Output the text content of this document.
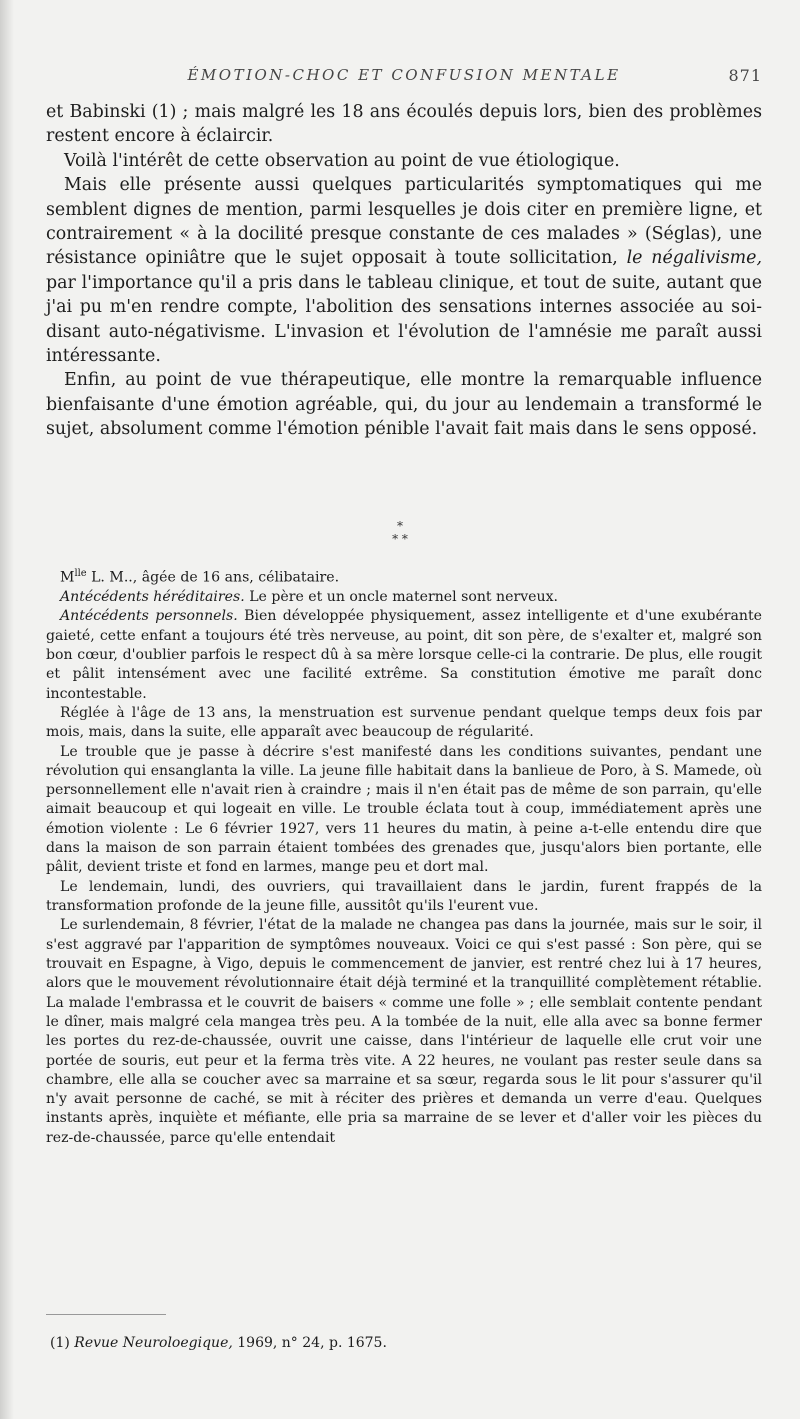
ÉMOTION-CHOC ET CONFUSION MENTALE	871

et Babinski (1) ; mais malgré les 18 ans écoulés depuis lors, bien des problèmes restent encore à éclaircir.

Voilà l'intérêt de cette observation au point de vue étiologique.

Mais elle présente aussi quelques particularités symptomatiques qui me semblent dignes de mention, parmi lesquelles je dois citer en première ligne, et contrairement « à la docilité presque constante de ces malades » (Séglas), une résistance opiniâtre que le sujet opposait à toute sollicitation, le négalivisme, par l'importance qu'il a pris dans le tableau clinique, et tout de suite, autant que j'ai pu m'en rendre compte, l'abolition des sensations internes associée au soi-disant auto-négativisme. L'invasion et l'évolution de l'amnésie me paraît aussi intéressante.

Enfin, au point de vue thérapeutique, elle montre la remarquable influence bienfaisante d'une émotion agréable, qui, du jour au lendemain a transformé le sujet, absolument comme l'émotion pénible l'avait fait mais dans le sens opposé.

*
* *

$M^{lle}$ L. M.., âgée de 16 ans, célibataire.

Antécédents héréditaires. Le père et un oncle maternel sont nerveux.

Antécédents personnels. Bien développée physiquement, assez intelligente et d'une exubérante gaieté, cette enfant a toujours été très nerveuse, au point, dit son père, de s'exalter et, malgré son bon cœur, d'oublier parfois le respect dû à sa mère lorsque celle-ci la contrarie. De plus, elle rougit et pâlit intensément avec une facilité extrême. Sa constitution émotive me paraît donc incontestable.

Réglée à l'âge de 13 ans, la menstruation est survenue pendant quelque temps deux fois par mois, mais, dans la suite, elle apparaît avec beaucoup de régularité.

Le trouble que je passe à décrire s'est manifesté dans les conditions suivantes, pendant une révolution qui ensanglanta la ville. La jeune fille habitait dans la banlieue de Poro, à S. Mamede, où personnellement elle n'avait rien à craindre ; mais il n'en était pas de même de son parrain, qu'elle aimait beaucoup et qui logeait en ville. Le trouble éclata tout à coup, immédiatement après une émotion violente : Le 6 février 1927, vers 11 heures du matin, à peine a-t-elle entendu dire que dans la maison de son parrain étaient tombées des grenades que, jusqu'alors bien portante, elle pâlit, devient triste et fond en larmes, mange peu et dort mal.

Le lendemain, lundi, des ouvriers, qui travaillaient dans le jardin, furent frappés de la transformation profonde de la jeune fille, aussitôt qu'ils l'eurent vue.

Le surlendemain, 8 février, l'état de la malade ne changea pas dans la journée, mais sur le soir, il s'est aggravé par l'apparition de symptômes nouveaux. Voici ce qui s'est passé : Son père, qui se trouvait en Espagne, à Vigo, depuis le commencement de janvier, est rentré chez lui à 17 heures, alors que le mouvement révolutionnaire était déjà terminé et la tranquillité complètement rétablie. La malade l'embrassa et le couvrit de baisers « comme une folle » ; elle semblait contente pendant le dîner, mais malgré cela mangea très peu. A la tombée de la nuit, elle alla avec sa bonne fermer les portes du rez-de-chaussée, ouvrit une caisse, dans l'intérieur de laquelle elle crut voir une portée de souris, eut peur et la ferma très vite. A 22 heures, ne voulant pas rester seule dans sa chambre, elle alla se coucher avec sa marraine et sa sœur, regarda sous le lit pour s'assurer qu'il n'y avait personne de caché, se mit à réciter des prières et demanda un verre d'eau. Quelques instants après, inquiète et méfiante, elle pria sa marraine de se lever et d'aller voir les pièces du rez-de-chaussée, parce qu'elle entendait

(1) Revue Neuroloegique, 1969, n° 24, p. 1675.
